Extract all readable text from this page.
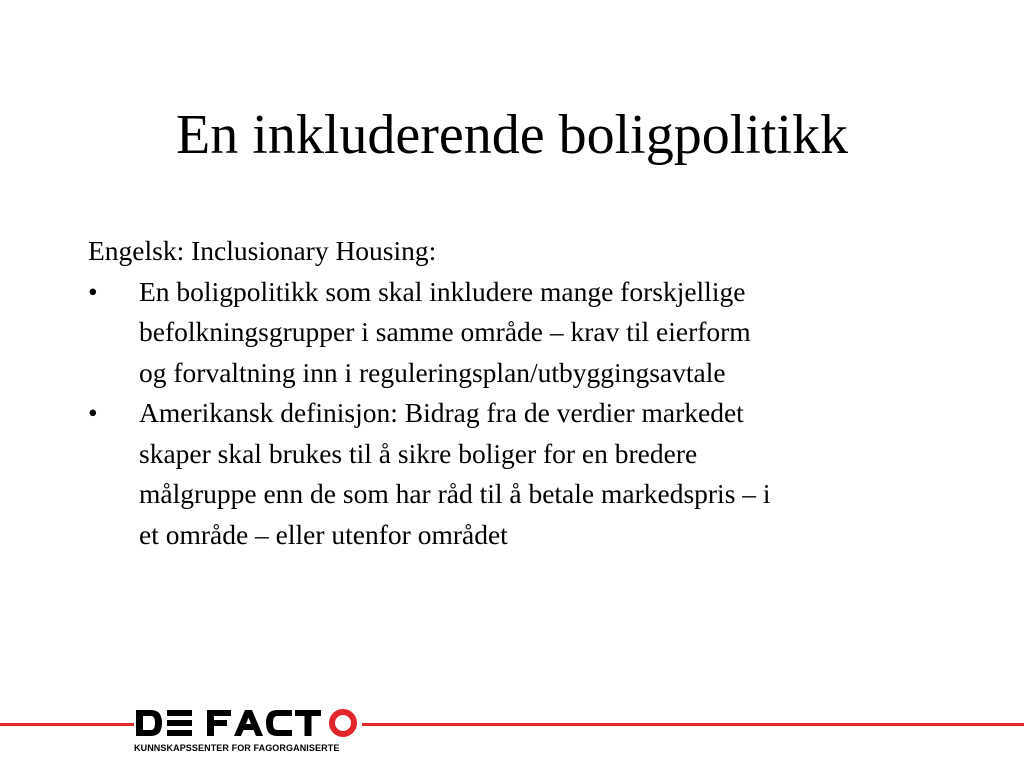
En inkluderende boligpolitikk

Engelsk: Inclusionary Housing:

•	En boligpolitikk som skal inkludere mange forskjellige
befolkningsgrupper i samme område – krav til eierform
og forvaltning inn i reguleringsplan/utbyggingsavtale
•	Amerikansk definisjon: Bidrag fra de verdier markedet
skaper skal brukes til å sikre boliger for en bredere
målgruppe enn de som har råd til å betale markedspris – i
et område – eller utenfor området
KUNNSKAPSSENTER FOR FAGORGANISERTE
